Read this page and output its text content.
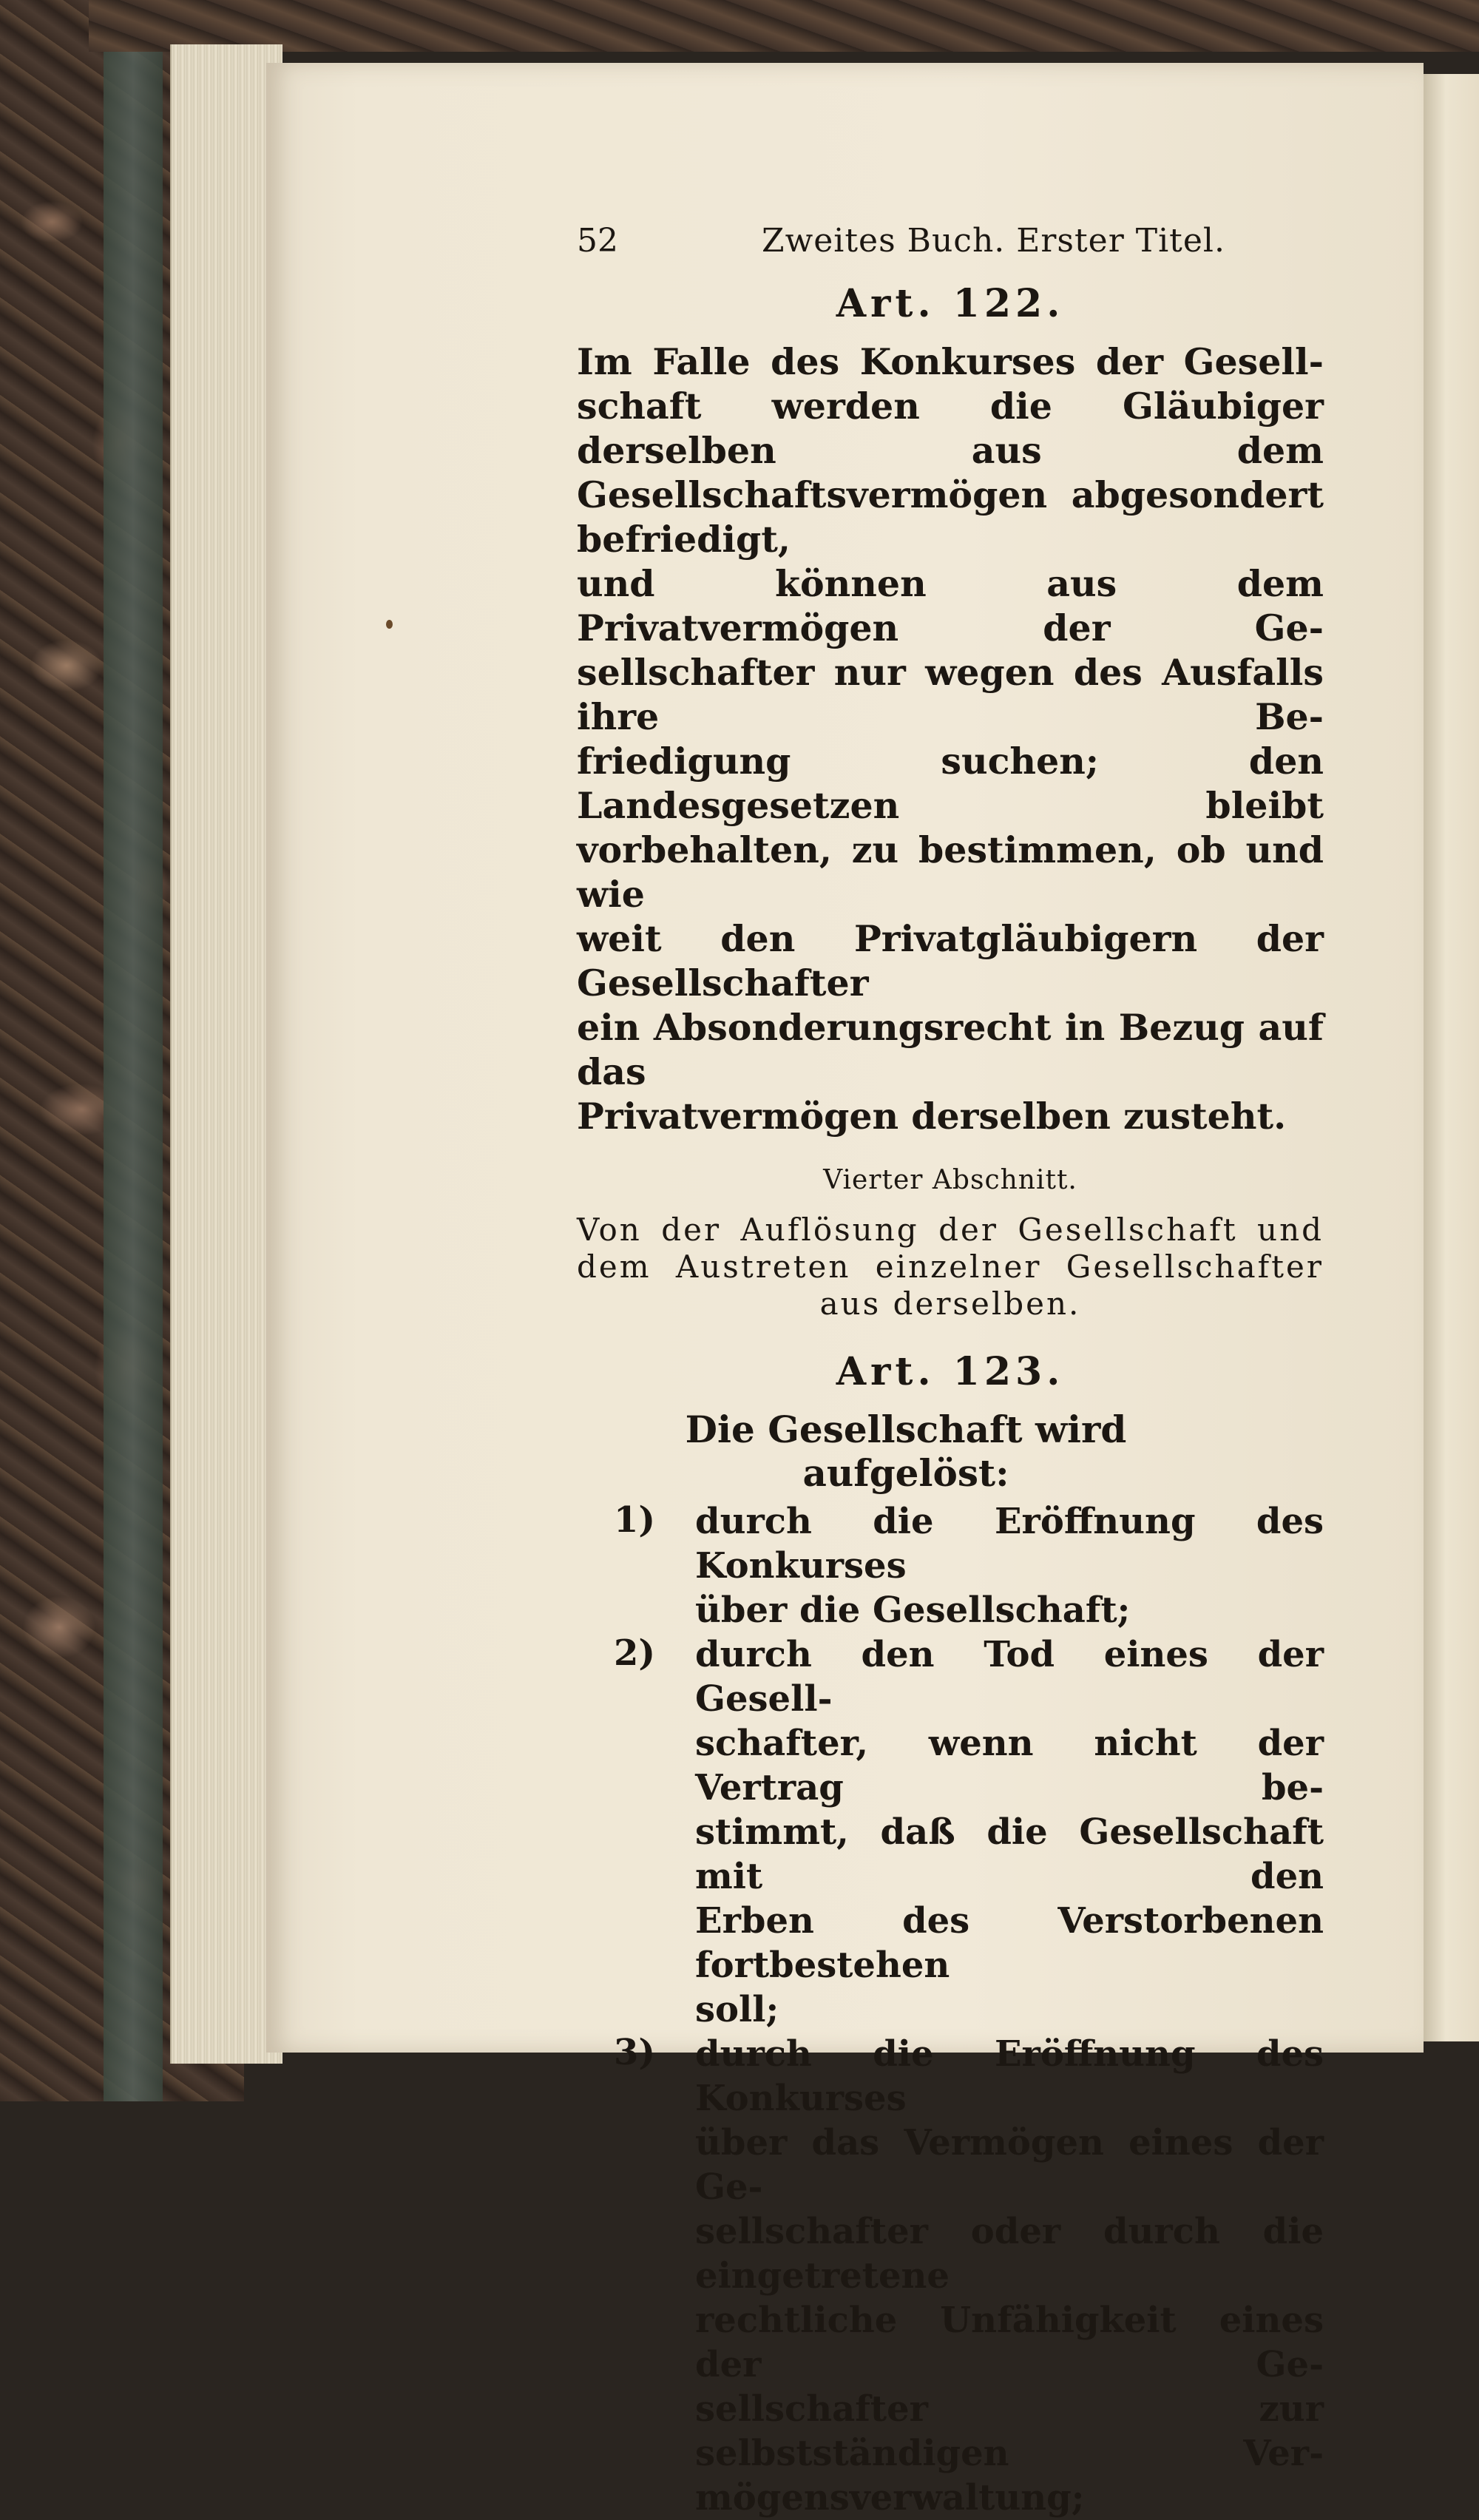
52	Zweites Buch. Erster Titel.
Art. 122.

Im Falle des Konkurses der Gesell-
schaft werden die Gläubiger derselben aus dem
Gesellschaftsvermögen abgesondert befriedigt,
und können aus dem Privatvermögen der Ge-
sellschafter nur wegen des Ausfalls ihre Be-
friedigung suchen; den Landesgesetzen bleibt
vorbehalten, zu bestimmen, ob und wie
weit den Privatgläubigern der Gesellschafter
ein Absonderungsrecht in Bezug auf das
Privatvermögen derselben zusteht.

Vierter Abschnitt.

Von der Auflösung der Gesellschaft und
dem Austreten einzelner Gesellschafter
aus derselben.

Art. 123.
Die Gesellschaft wird aufgelöst:
1) durch die Eröffnung des Konkurses
über die Gesellschaft;

2) durch den Tod eines der Gesell-
schafter, wenn nicht der Vertrag be-
stimmt, daß die Gesellschaft mit den
Erben des Verstorbenen fortbestehen
soll;

3) durch die Eröffnung des Konkurses
über das Vermögen eines der Ge-
sellschafter oder durch die eingetretene
rechtliche Unfähigkeit eines der Ge-
sellschafter zur selbstständigen Ver-
mögensverwaltung;
